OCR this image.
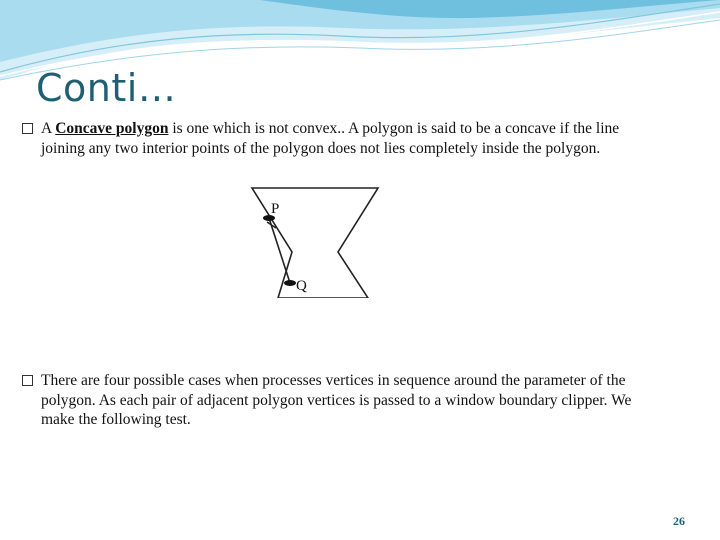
Conti…
A Concave polygon is one which is not convex.. A polygon is said to be a concave if the line joining any two interior points of the polygon does not lies completely inside the polygon.
P
Q
There are four possible cases when processes vertices in sequence around the parameter of the polygon. As each pair of adjacent polygon vertices is passed to a window boundary clipper. We make the following test.
26
